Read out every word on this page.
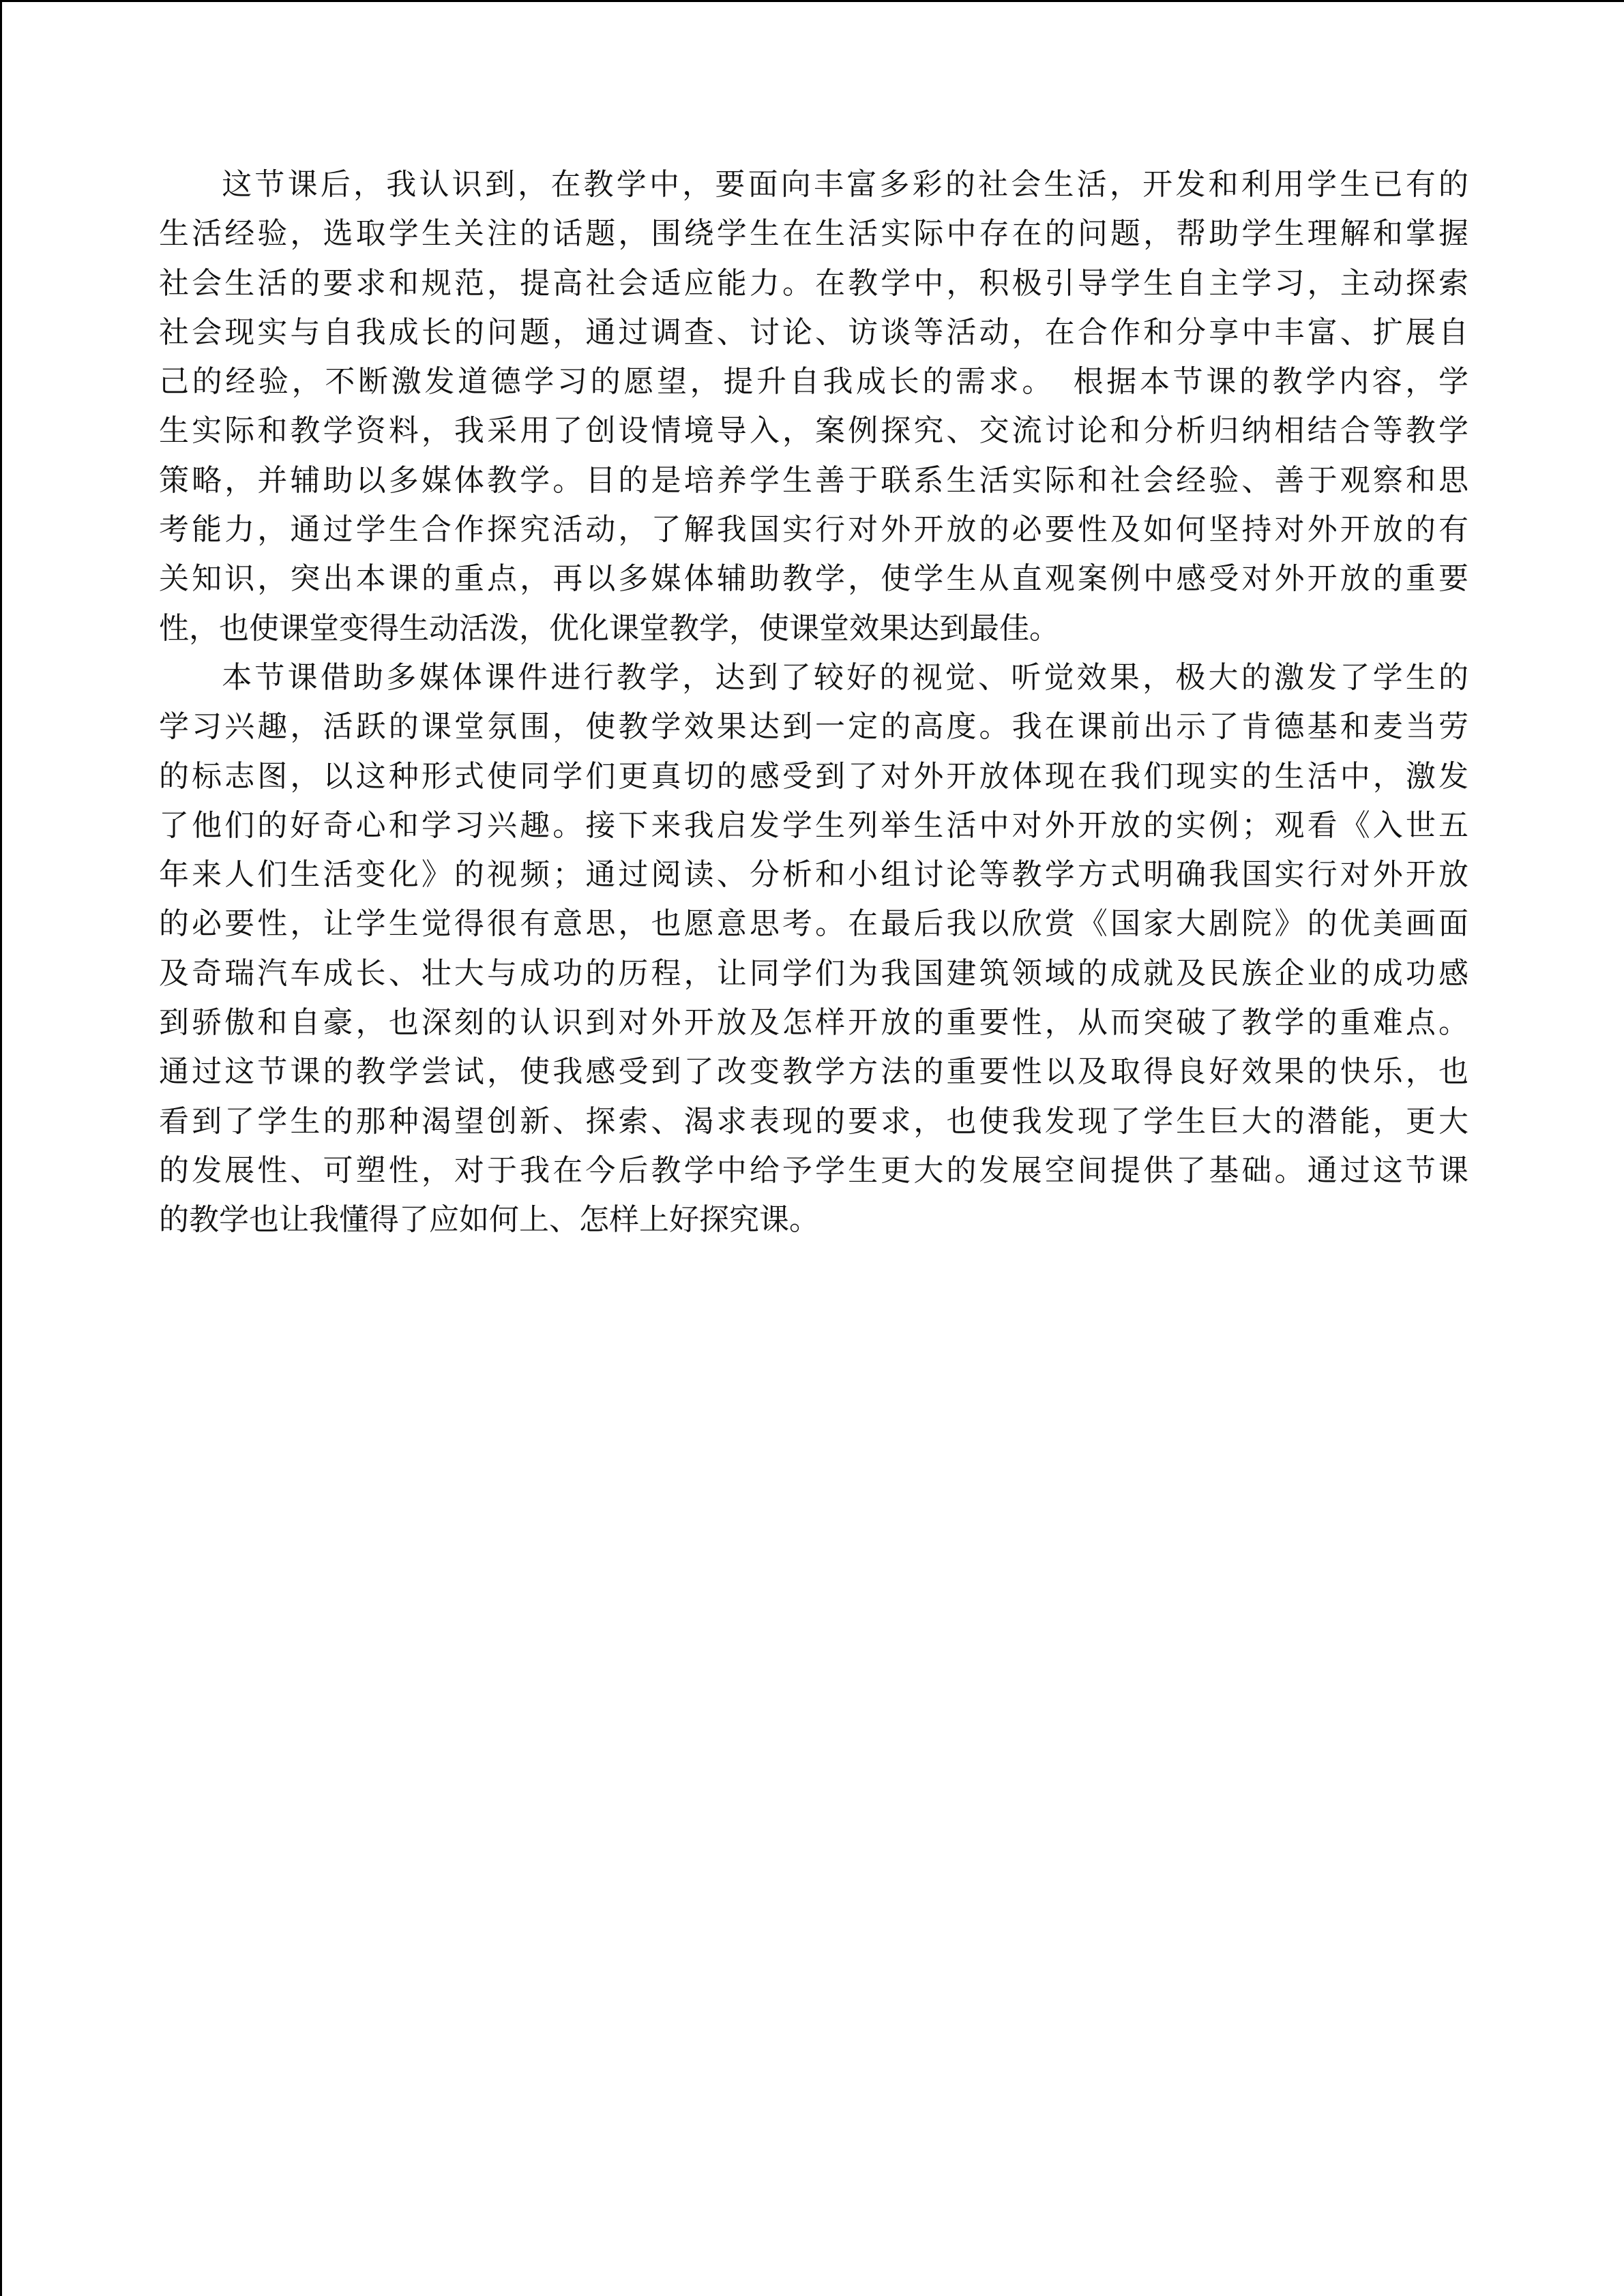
这节课后，我认识到，在教学中，要面向丰富多彩的社会生活，开发和利用学生已有的
生活经验，选取学生关注的话题，围绕学生在生活实际中存在的问题，帮助学生理解和掌握
社会生活的要求和规范，提高社会适应能力。在教学中，积极引导学生自主学习，主动探索
社会现实与自我成长的问题，通过调查、讨论、访谈等活动，在合作和分享中丰富、扩展自
己的经验，不断激发道德学习的愿望，提升自我成长的需求。　根据本节课的教学内容，学
生实际和教学资料，我采用了创设情境导入，案例探究、交流讨论和分析归纳相结合等教学
策略，并辅助以多媒体教学。目的是培养学生善于联系生活实际和社会经验、善于观察和思
考能力，通过学生合作探究活动，了解我国实行对外开放的必要性及如何坚持对外开放的有
关知识，突出本课的重点，再以多媒体辅助教学，使学生从直观案例中感受对外开放的重要
性，也使课堂变得生动活泼，优化课堂教学，使课堂效果达到最佳。
本节课借助多媒体课件进行教学，达到了较好的视觉、听觉效果，极大的激发了学生的
学习兴趣，活跃的课堂氛围，使教学效果达到一定的高度。我在课前出示了肯德基和麦当劳
的标志图，以这种形式使同学们更真切的感受到了对外开放体现在我们现实的生活中，激发
了他们的好奇心和学习兴趣。接下来我启发学生列举生活中对外开放的实例；观看《入世五
年来人们生活变化》的视频；通过阅读、分析和小组讨论等教学方式明确我国实行对外开放
的必要性，让学生觉得很有意思，也愿意思考。在最后我以欣赏《国家大剧院》的优美画面
及奇瑞汽车成长、壮大与成功的历程，让同学们为我国建筑领域的成就及民族企业的成功感
到骄傲和自豪，也深刻的认识到对外开放及怎样开放的重要性，从而突破了教学的重难点。
通过这节课的教学尝试，使我感受到了改变教学方法的重要性以及取得良好效果的快乐，也
看到了学生的那种渴望创新、探索、渴求表现的要求，也使我发现了学生巨大的潜能，更大
的发展性、可塑性，对于我在今后教学中给予学生更大的发展空间提供了基础。通过这节课
的教学也让我懂得了应如何上、怎样上好探究课。
